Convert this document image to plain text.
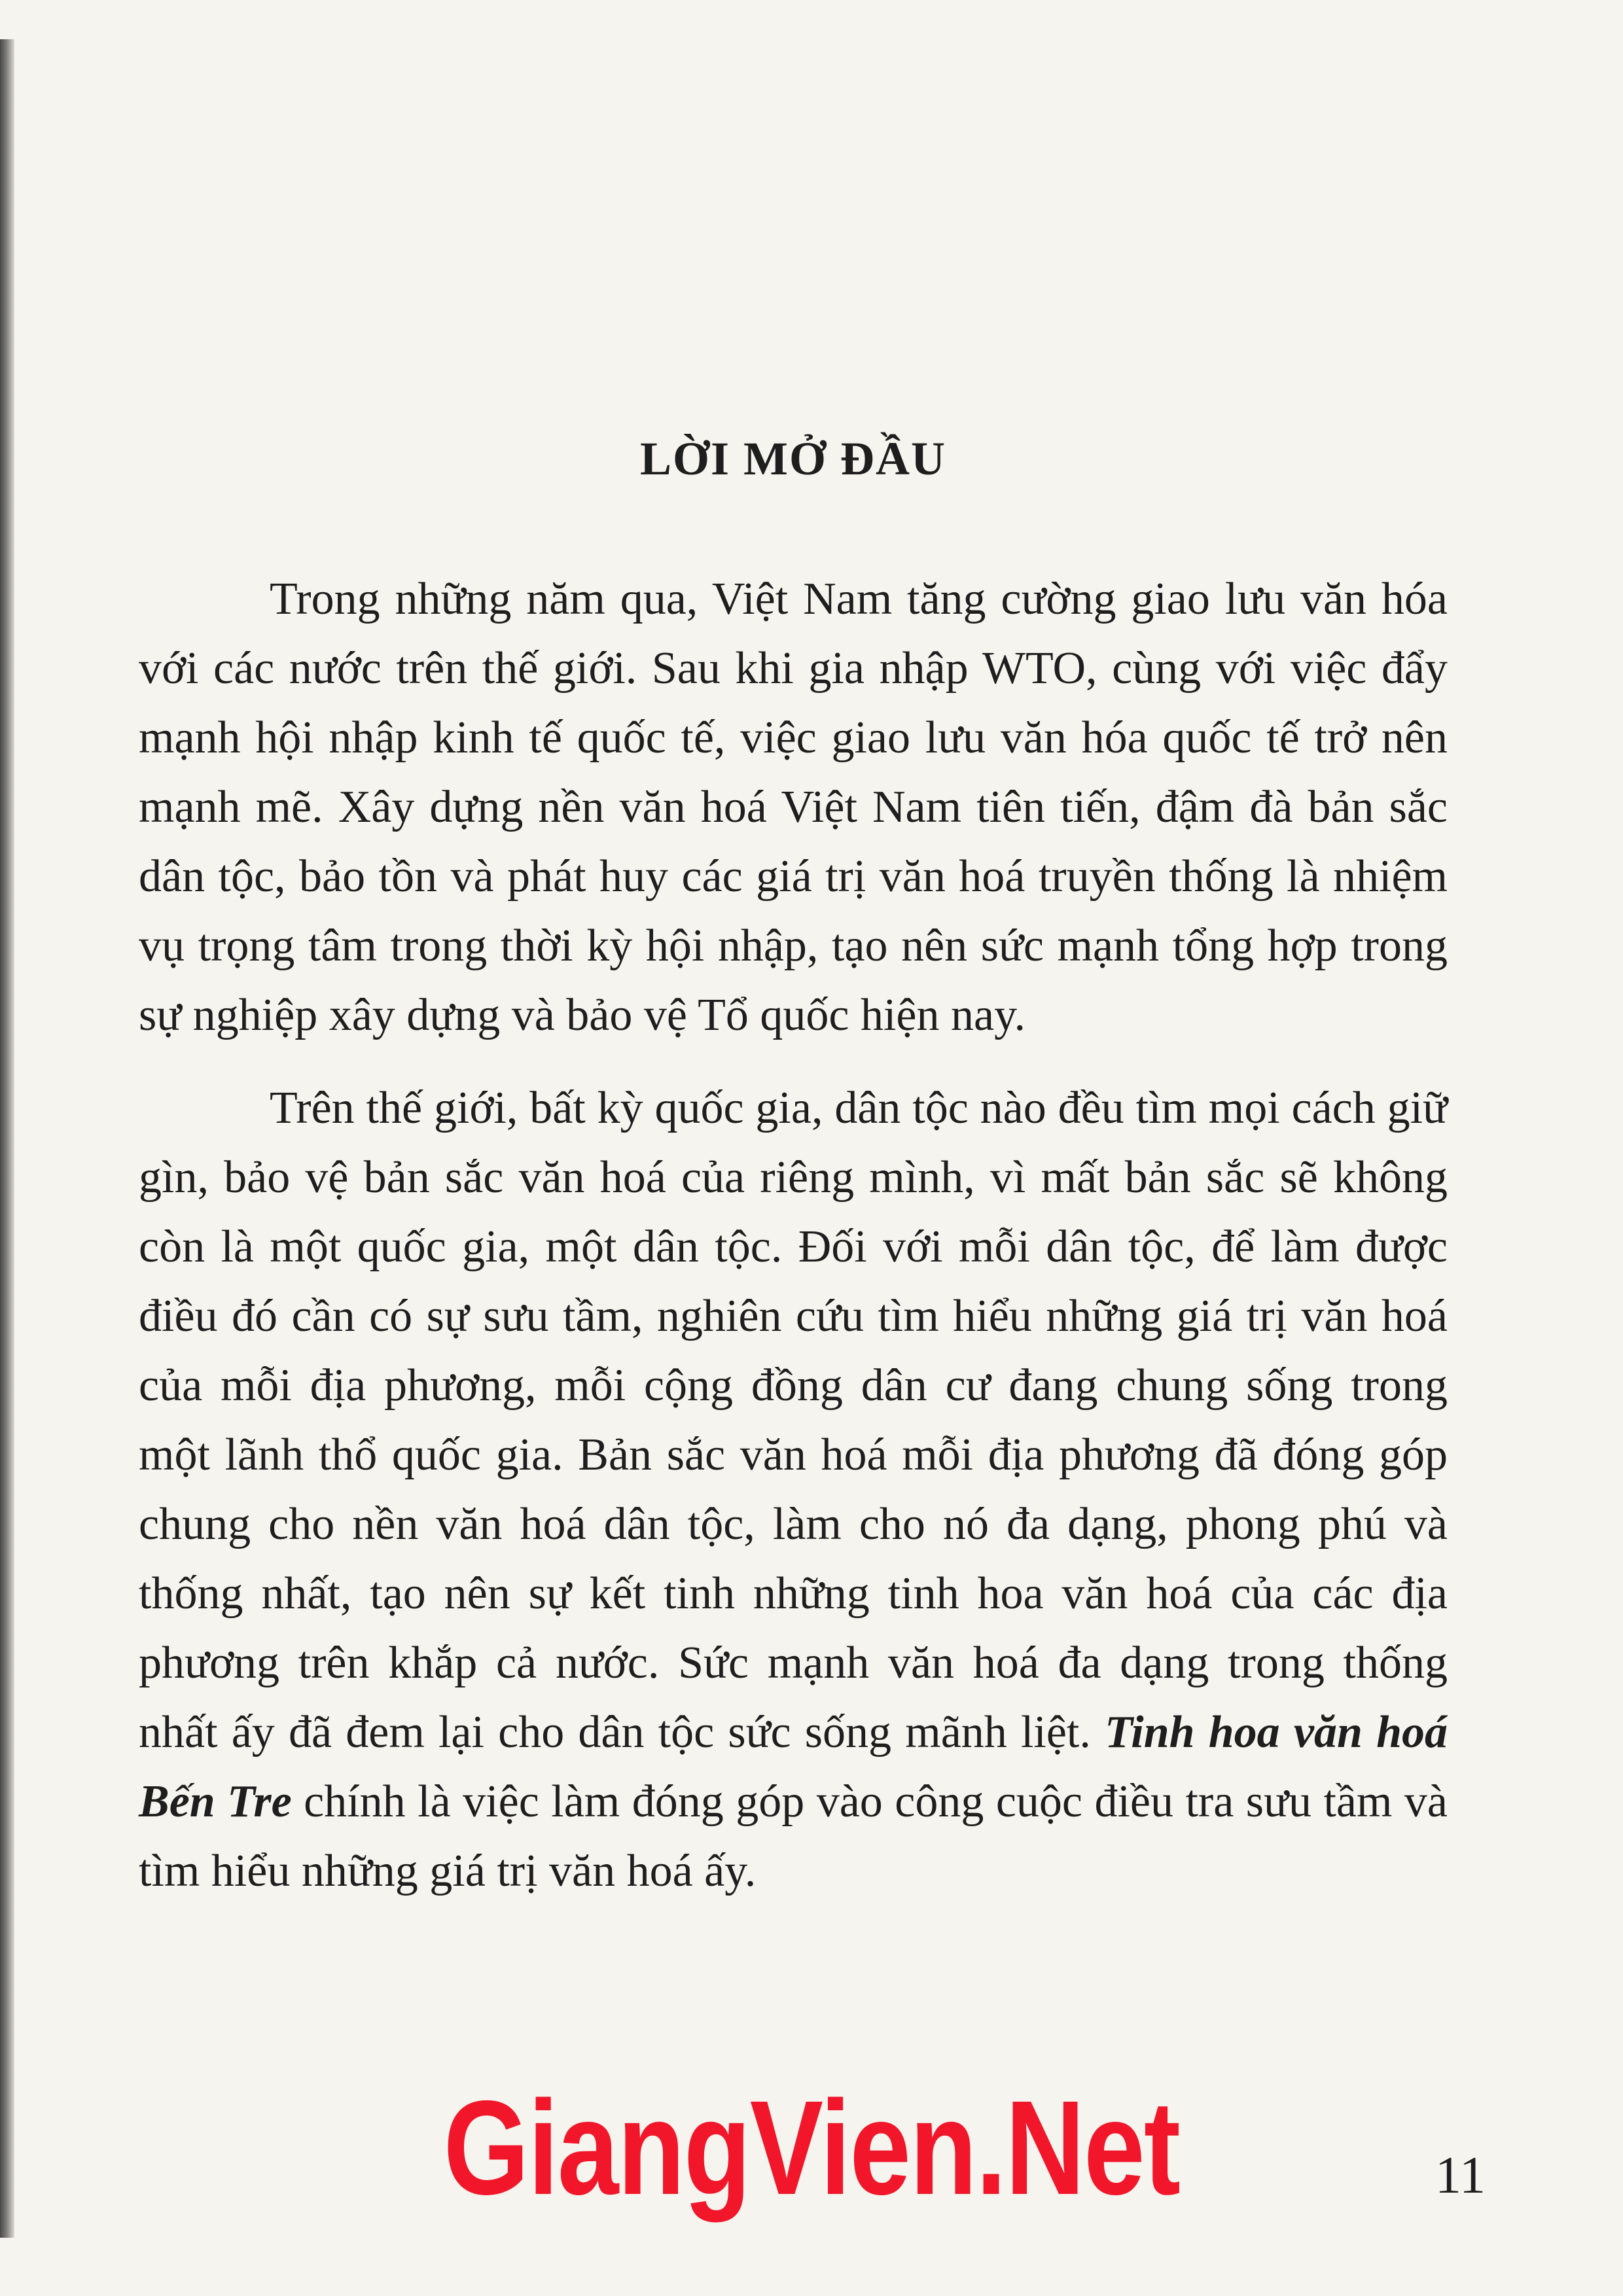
LỜI MỞ ĐẦU

Trong những năm qua, Việt Nam tăng cường giao lưu văn hóa với các nước trên thế giới. Sau khi gia nhập WTO, cùng với việc đẩy mạnh hội nhập kinh tế quốc tế, việc giao lưu văn hóa quốc tế trở nên mạnh mẽ. Xây dựng nền văn hoá Việt Nam tiên tiến, đậm đà bản sắc dân tộc, bảo tồn và phát huy các giá trị văn hoá truyền thống là nhiệm vụ trọng tâm trong thời kỳ hội nhập, tạo nên sức mạnh tổng hợp trong sự nghiệp xây dựng và bảo vệ Tổ quốc hiện nay.

Trên thế giới, bất kỳ quốc gia, dân tộc nào đều tìm mọi cách giữ gìn, bảo vệ bản sắc văn hoá của riêng mình, vì mất bản sắc sẽ không còn là một quốc gia, một dân tộc. Đối với mỗi dân tộc, để làm được điều đó cần có sự sưu tầm, nghiên cứu tìm hiểu những giá trị văn hoá của mỗi địa phương, mỗi cộng đồng dân cư đang chung sống trong một lãnh thổ quốc gia. Bản sắc văn hoá mỗi địa phương đã đóng góp chung cho nền văn hoá dân tộc, làm cho nó đa dạng, phong phú và thống nhất, tạo nên sự kết tinh những tinh hoa văn hoá của các địa phương trên khắp cả nước. Sức mạnh văn hoá đa dạng trong thống nhất ấy đã đem lại cho dân tộc sức sống mãnh liệt. Tinh hoa văn hoá Bến Tre chính là việc làm đóng góp vào công cuộc điều tra sưu tầm và tìm hiểu những giá trị văn hoá ấy.

GiangVien.Net	11
